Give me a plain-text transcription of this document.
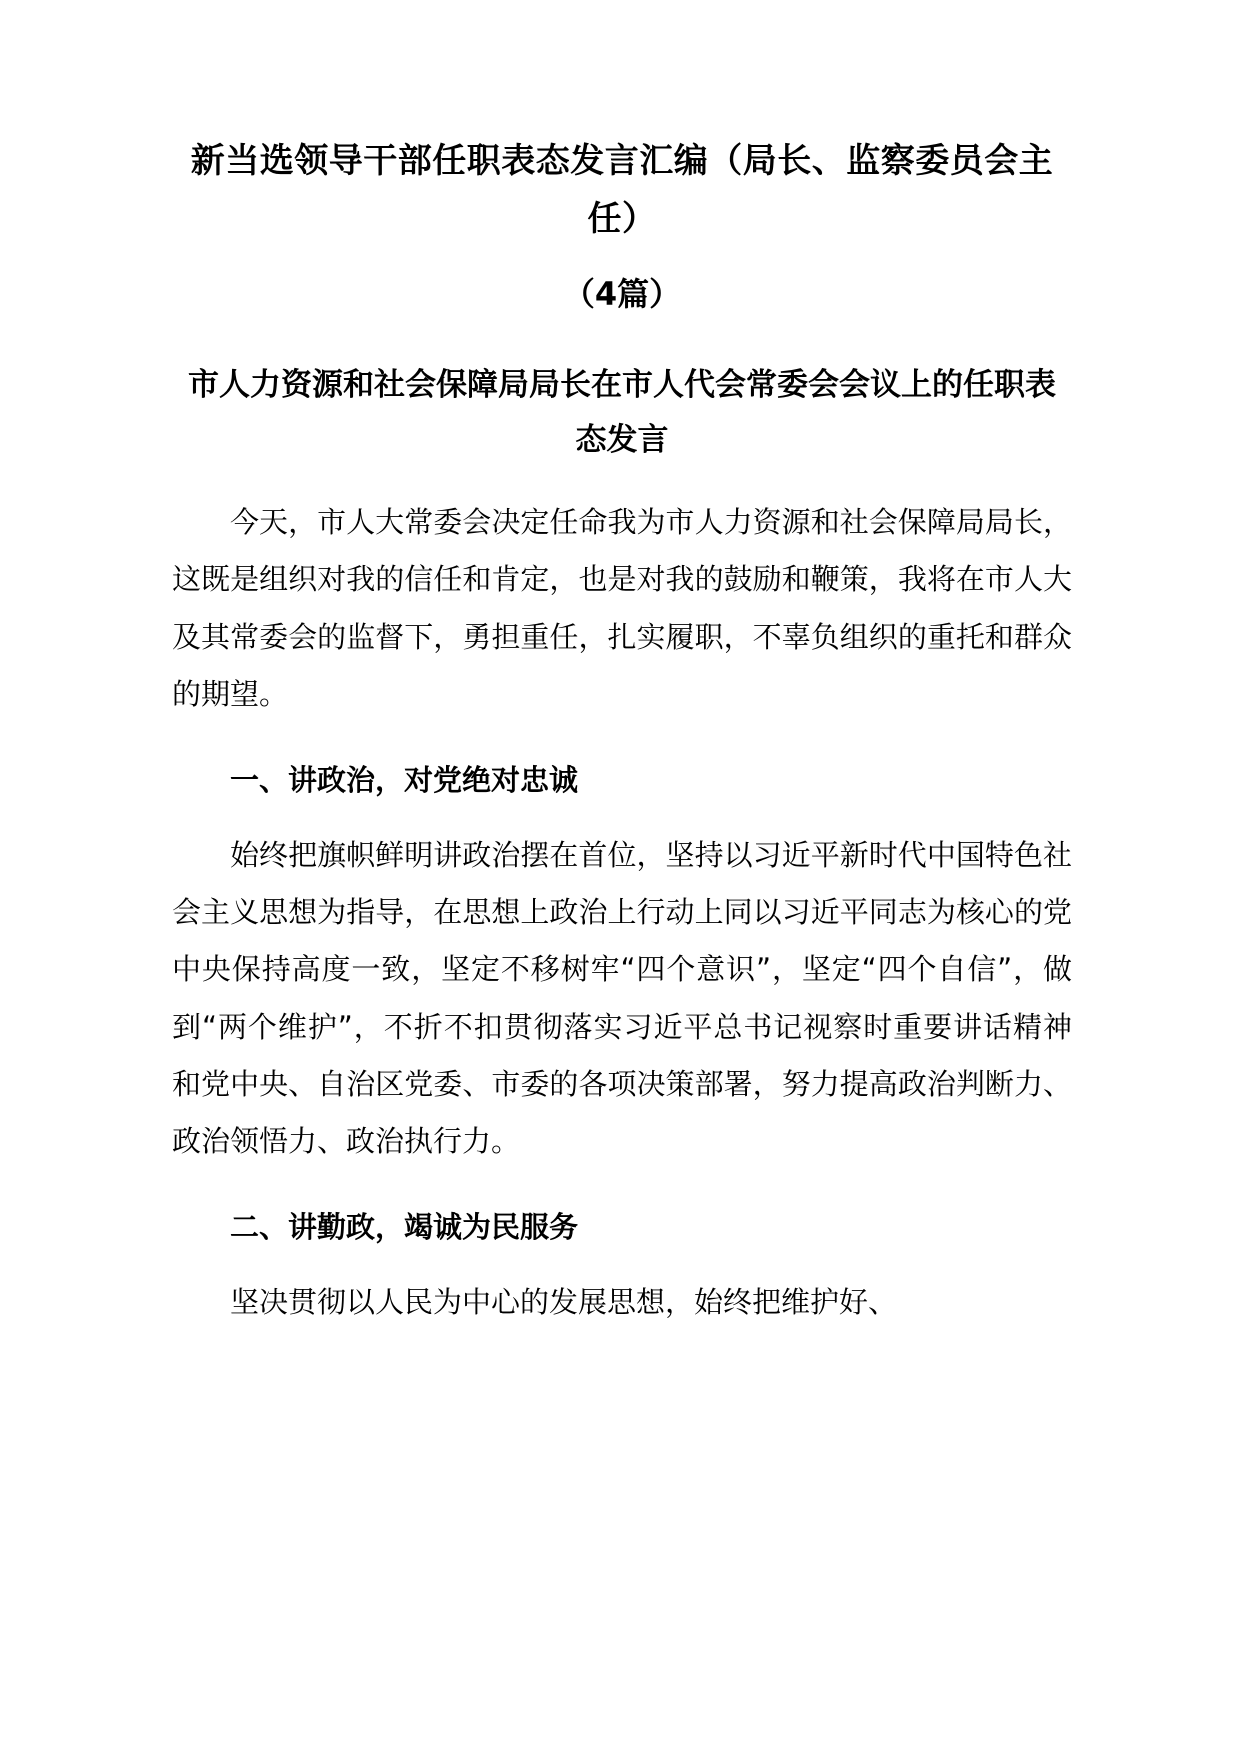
新当选领导干部任职表态发言汇编（局长、监察委员会主 任）
（4篇）
市人力资源和社会保障局局长在市人代会常委会会议上的任职表态发言

今天，市人大常委会决定任命我为市人力资源和社会保障局局长，这既是组织对我的信任和肯定，也是对我的鼓励和鞭策，我将在市人大及其常委会的监督下，勇担重任，扎实履职，不辜负组织的重托和群众的期望。

一、讲政治，对党绝对忠诚

始终把旗帜鲜明讲政治摆在首位，坚持以习近平新时代中国特色社会主义思想为指导，在思想上政治上行动上同以习近平同志为核心的党中央保持高度一致，坚定不移树牢“四个意识”，坚定“四个自信”，做到“两个维护”，不折不扣贯彻落实习近平总书记视察时重要讲话精神和党中央、自治区党委、市委的各项决策部署，努力提高政治判断力、政治领悟力、政治执行力。

二、讲勤政，竭诚为民服务

坚决贯彻以人民为中心的发展思想，始终把维护好、
